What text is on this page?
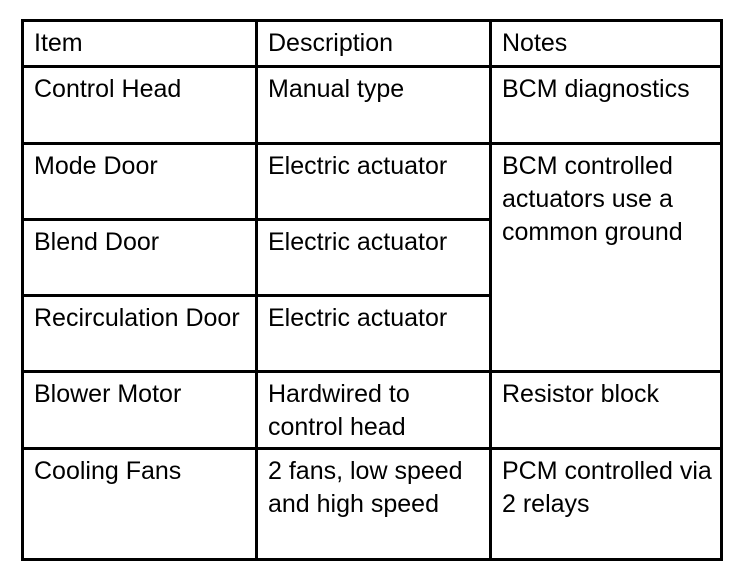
Item	Description	Notes
Control Head	Manual type	BCM diagnostics
Mode Door	Electric actuator	BCM controlled actuators use a common ground
Blend Door	Electric actuator	
Recirculation Door	Electric actuator	
Blower Motor	Hardwired to control head	Resistor block
Cooling Fans	2 fans, low speed and high speed	PCM controlled via 2 relays
